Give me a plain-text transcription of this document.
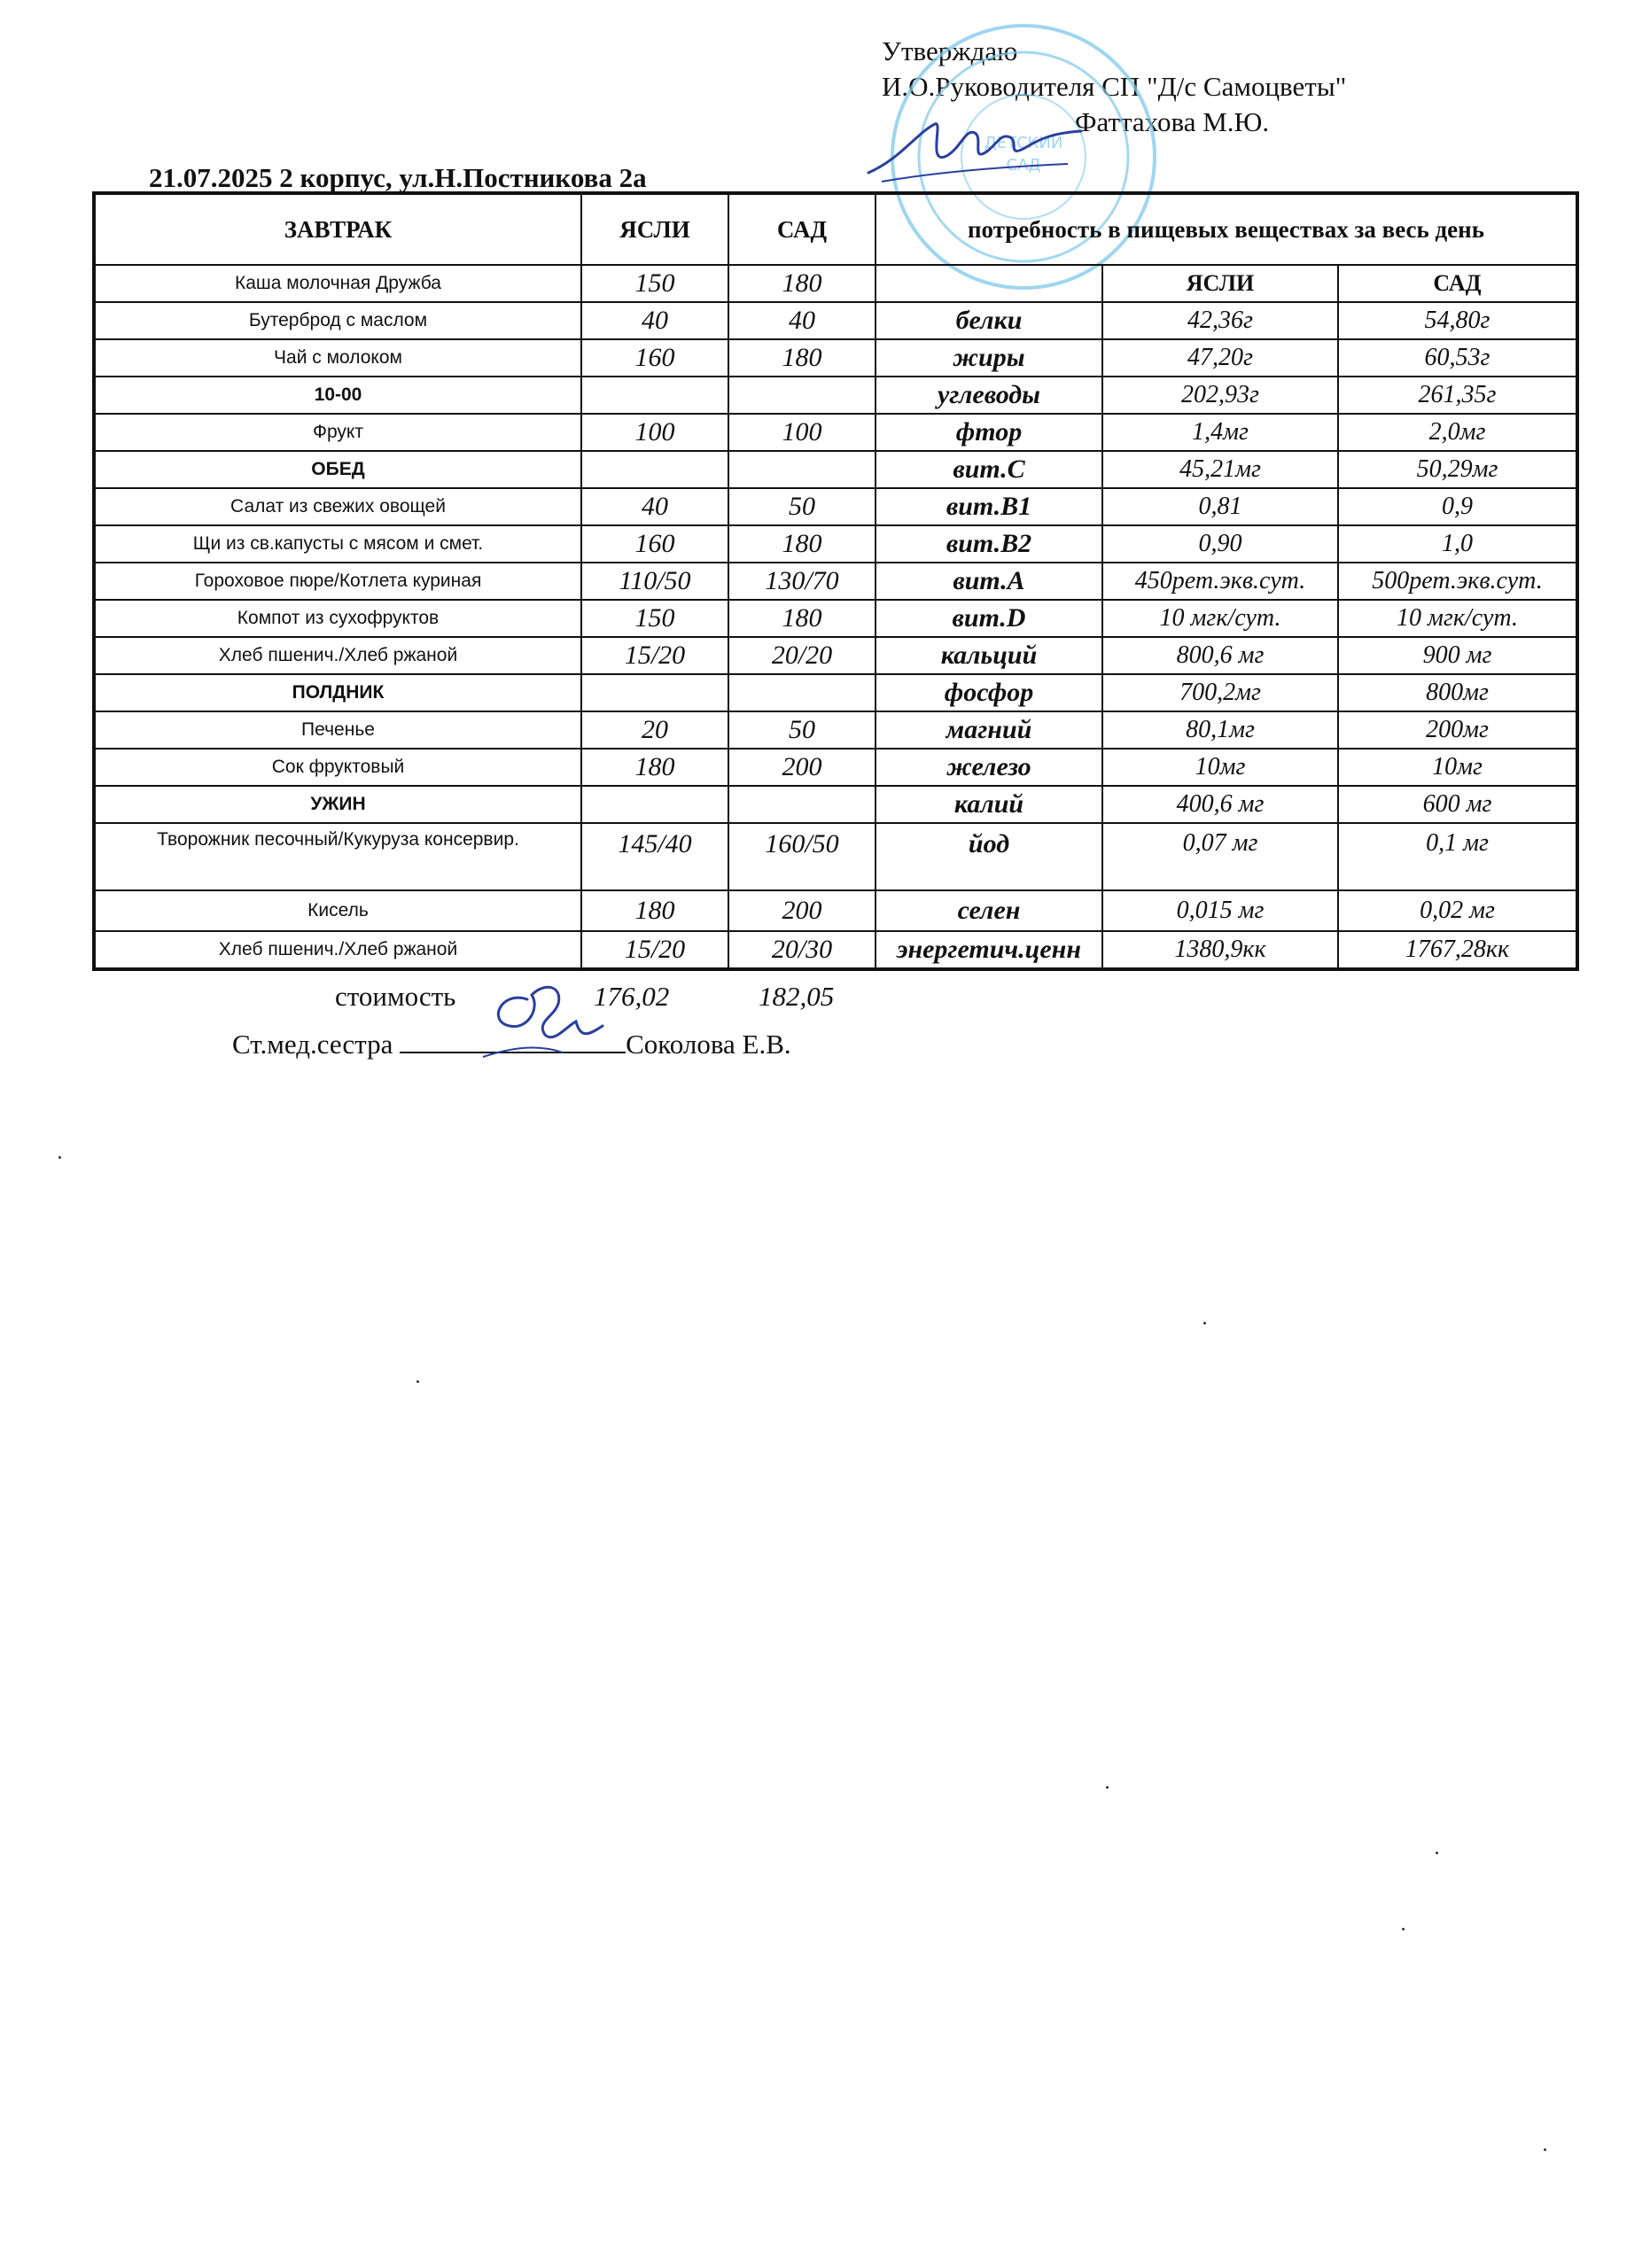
Утверждаю
И.О.Руководителя СП "Д/с Самоцветы"
Фаттахова М.Ю.
ДЕТСКИЙ
САД
21.07.2025 2 корпус, ул.Н.Постникова 2а
ЗАВТРАК	ЯСЛИ	САД	потребность в пищевых веществах за весь день		
Каша молочная Дружба	150	180		ЯСЛИ	САД
Бутерброд с маслом	40	40	белки	42,36г	54,80г
Чай с молоком	160	180	жиры	47,20г	60,53г
10-00			углеводы	202,93г	261,35г
Фрукт	100	100	фтор	1,4мг	2,0мг
ОБЕД			вит.С	45,21мг	50,29мг
Салат из свежих овощей	40	50	вит.В1	0,81	0,9
Щи из св.капусты с мясом и смет.	160	180	вит.В2	0,90	1,0
Гороховое пюре/Котлета куриная	110/50	130/70	вит.А	450рет.экв.сут.	500рет.экв.сут.
Компот из сухофруктов	150	180	вит.D	10 мгк/сут.	10 мгк/сут.
Хлеб пшенич./Хлеб ржаной	15/20	20/20	кальций	800,6 мг	900 мг
ПОЛДНИК			фосфор	700,2мг	800мг
Печенье	20	50	магний	80,1мг	200мг
Сок фруктовый	180	200	железо	10мг	10мг
УЖИН			калий	400,6 мг	600 мг
Творожник песочный/Кукуруза консервир.	145/40	160/50	йод	0,07 мг	0,1 мг
Кисель	180	200	селен	0,015 мг	0,02 мг
Хлеб пшенич./Хлеб ржаной	15/20	20/30	энергетич.ценн	1380,9кк	1767,28кк
стоимость	176,02	182,05
Ст.мед.сестра	Соколова Е.В.
